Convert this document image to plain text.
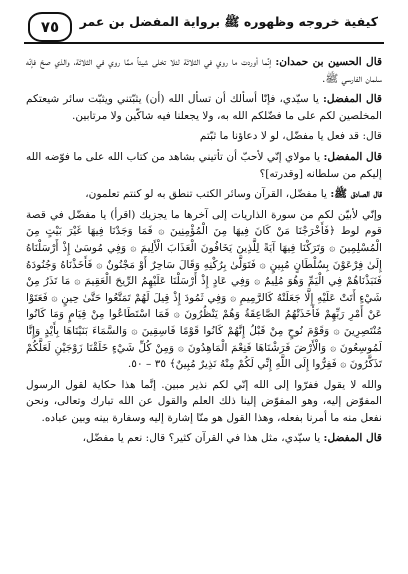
كيفية خروجه وظهوره ﷺ برواية المفضل بن عمر
٧٥

قال الحسين بن حمدان: إنَّما أوردت ما روي في الثلاثة لئلا تخلى شيئاً ممَّا روي في الثلاثة، والذي صحّ فإنّه سلمان الفارسي ﷺ.

قال المفضل: يا سيّدي، فإنّا أسألك أن تسأل الله (أن) يثبّتني ويثبّت سائر شيعتكم المخلصين لكم على ما فضّلكم الله به، ولا يجعلنا فيه شاكّين ولا مرتابين.

قال: قد فعل يا مفضّل، لو لا دعاؤنا ما ثبّتم

قال المفضل: يا مولاي إنّي لأحبّ أن تأتيني بشاهد من كتاب الله على ما فوّضه الله إليكم من سلطانه [وقدرته]؟

قال الصادق ﷺ: يا مفضّل، القرآن وسائر الكتب تنطق به لو كنتم تعلمون،

وإنّي لأبيّن لكم من سورة الذاريات إلى آخرها ما يجزيك (اقرأ) يا مفضّل في قصة قوم لوط ﴿فَأَخْرَجْنَا مَنْ كَانَ فِيهَا مِنَ الْمُؤْمِنِينَ ۞ فَمَا وَجَدْنَا فِيهَا غَيْرَ بَيْتٍ مِنَ الْمُسْلِمِينَ ۞ وَتَرَكْنَا فِيهَا آيَةً لِلَّذِينَ يَخَافُونَ الْعَذَابَ الْأَلِيمَ ۞ وَفِي مُوسَىٰ إِذْ أَرْسَلْنَاهُ إِلَىٰ فِرْعَوْنَ بِسُلْطَانٍ مُبِينٍ ۞ فَتَوَلَّىٰ بِرُكْنِهِ وَقَالَ سَاحِرٌ أَوْ مَجْنُونٌ ۞ فَأَخَذْنَاهُ وَجُنُودَهُ فَنَبَذْنَاهُمْ فِي الْيَمِّ وَهُوَ مُلِيمٌ ۞ وَفِي عَادٍ إِذْ أَرْسَلْنَا عَلَيْهِمُ الرِّيحَ الْعَقِيمَ ۞ مَا تَذَرُ مِنْ شَيْءٍ أَتَتْ عَلَيْهِ إِلَّا جَعَلَتْهُ كَالرَّمِيمِ ۞ وَفِي ثَمُودَ إِذْ قِيلَ لَهُمْ تَمَتَّعُوا حَتَّىٰ حِينٍ ۞ فَعَتَوْا عَنْ أَمْرِ رَبِّهِمْ فَأَخَذَتْهُمُ الصَّاعِقَةُ وَهُمْ يَنْظُرُونَ ۞ فَمَا اسْتَطَاعُوا مِنْ قِيَامٍ وَمَا كَانُوا مُنْتَصِرِينَ ۞ وَقَوْمَ نُوحٍ مِنْ قَبْلُ إِنَّهُمْ كَانُوا قَوْمًا فَاسِقِينَ ۞ وَالسَّمَاءَ بَنَيْنَاهَا بِأَيْدٍ وَإِنَّا لَمُوسِعُونَ ۞ وَالْأَرْضَ فَرَشْنَاهَا فَنِعْمَ الْمَاهِدُونَ ۞ وَمِنْ كُلِّ شَيْءٍ خَلَقْنَا زَوْجَيْنِ لَعَلَّكُمْ تَذَكَّرُونَ ۞ فَفِرُّوا إِلَى اللَّهِ إِنِّي لَكُمْ مِنْهُ نَذِيرٌ مُبِينٌ﴾ ٣٥ – ٥٠.

والله لا يقول ففرّوا إلى الله إنّي لكم نذير مبين. إنَّما هذا حكاية لقول الرسول المفوّض إليه، وهو المفوّض إلينا ذلك العلم والقول عن الله تبارك وتعالى، ونحن نفعل منه ما أمرنا بفعله، وهذا القول هو منّا إشارة إليه وسفارة بينه وبين عباده.

قال المفضل: يا سيّدي، مثل هذا في القرآن كثير؟ قال: نعم يا مفضّل،
